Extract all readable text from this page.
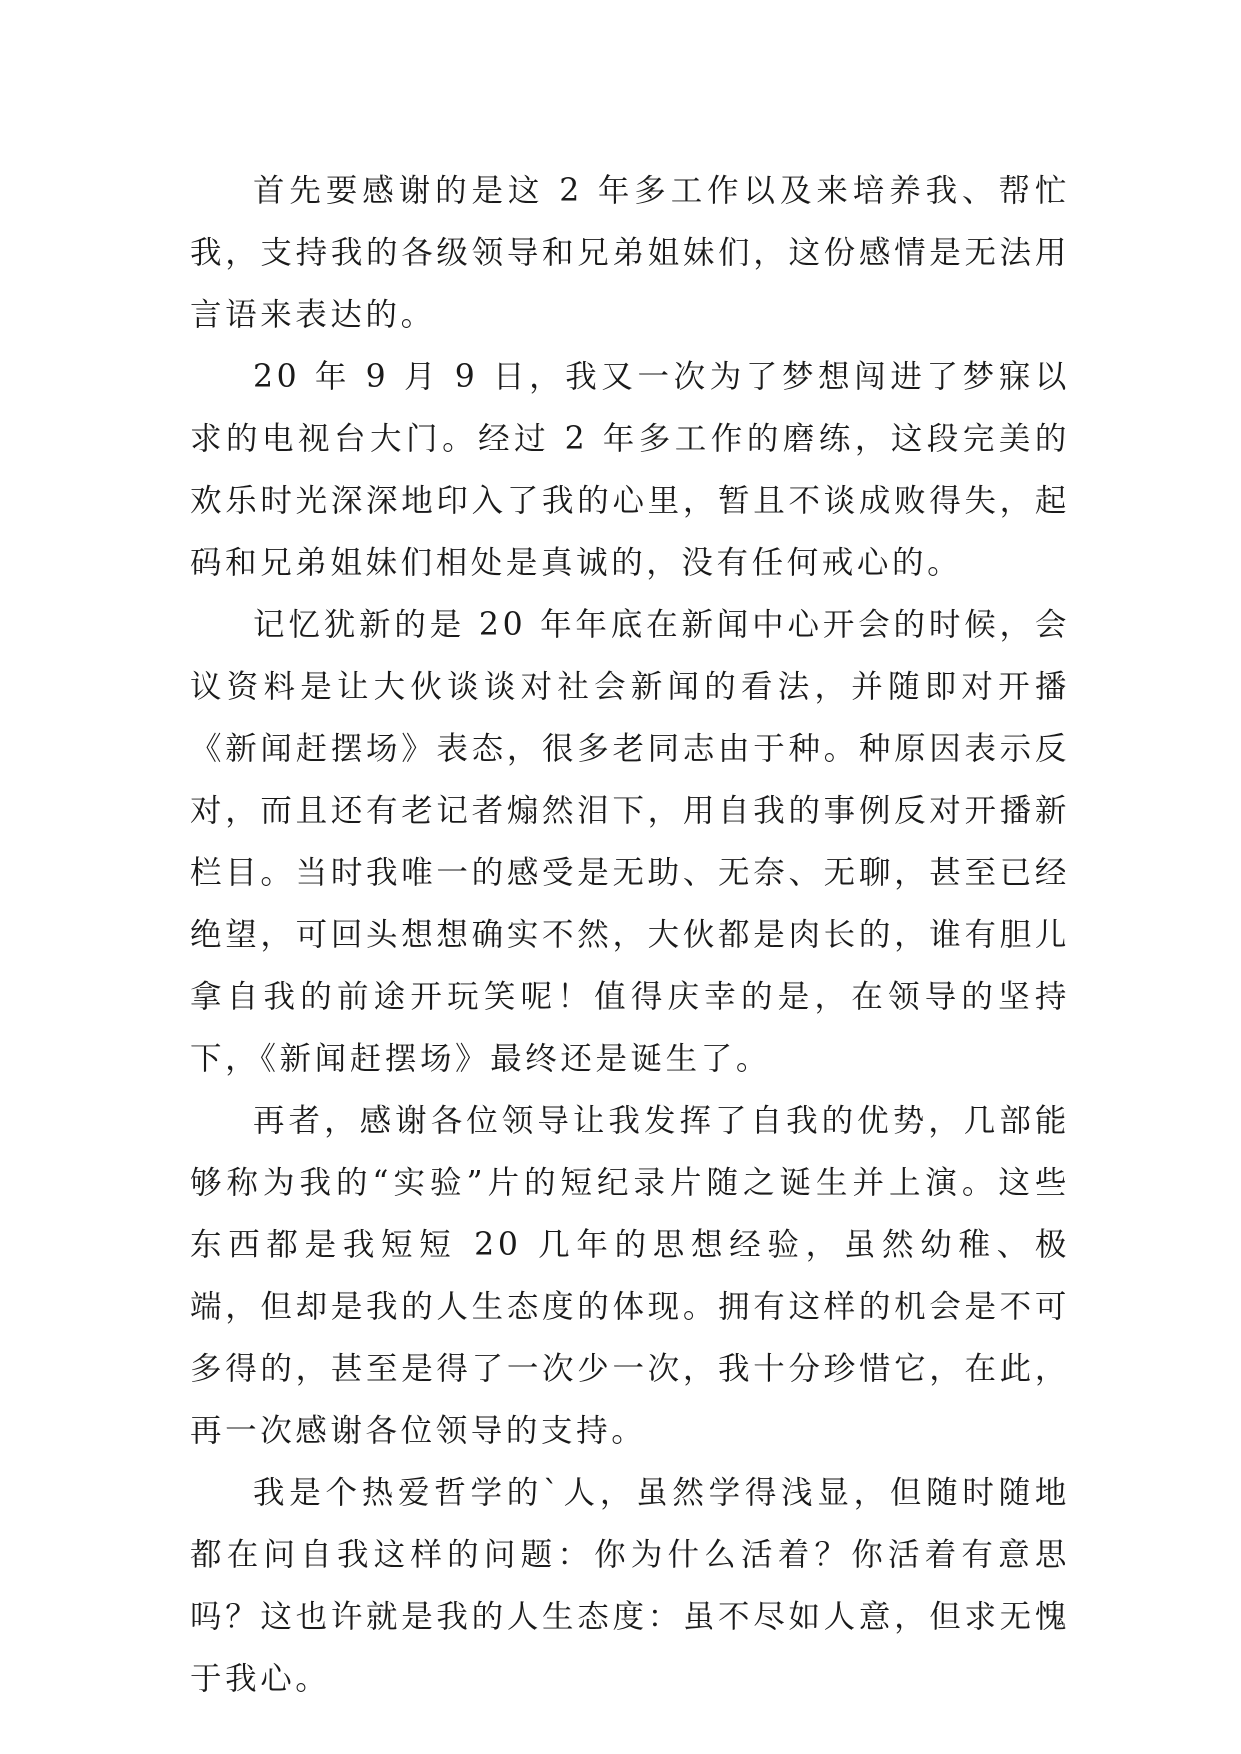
首先要感谢的是这 2 年多工作以及来培养我、帮忙我，支持我的各级领导和兄弟姐妹们，这份感情是无法用言语来表达的。

20 年 9 月 9 日，我又一次为了梦想闯进了梦寐以求的电视台大门。经过 2 年多工作的磨练，这段完美的欢乐时光深深地印入了我的心里，暂且不谈成败得失，起码和兄弟姐妹们相处是真诚的，没有任何戒心的。

记忆犹新的是 20 年年底在新闻中心开会的时候，会议资料是让大伙谈谈对社会新闻的看法，并随即对开播《新闻赶摆场》表态，很多老同志由于种。种原因表示反对，而且还有老记者煽然泪下，用自我的事例反对开播新栏目。当时我唯一的感受是无助、无奈、无聊，甚至已经绝望，可回头想想确实不然，大伙都是肉长的，谁有胆儿拿自我的前途开玩笑呢！值得庆幸的是，在领导的坚持下，《新闻赶摆场》最终还是诞生了。

再者，感谢各位领导让我发挥了自我的优势，几部能够称为我的“实验”片的短纪录片随之诞生并上演。这些东西都是我短短 20 几年的思想经验，虽然幼稚、极端，但却是我的人生态度的体现。拥有这样的机会是不可多得的，甚至是得了一次少一次，我十分珍惜它，在此，再一次感谢各位领导的支持。

我是个热爱哲学的`人，虽然学得浅显，但随时随地都在问自我这样的问题：你为什么活着？你活着有意思吗？这也许就是我的人生态度：虽不尽如人意，但求无愧于我心。
